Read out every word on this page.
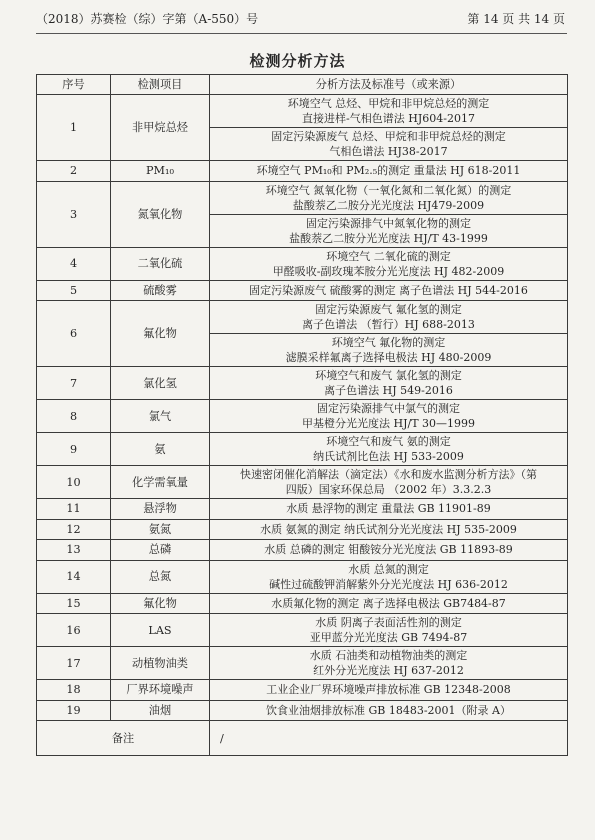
（2018）苏赛检（综）字第（A-550）号	第 14 页 共 14 页
检测分析方法
序号	检测项目	分析方法及标准号（或来源）
1	非甲烷总烃	环境空气 总烃、甲烷和非甲烷总烃的测定
直接进样-气相色谱法 HJ604-2017

		固定污染源废气 总烃、甲烷和非甲烷总烃的测定
气相色谱法 HJ38-2017

2	PM₁₀	环境空气 PM₁₀和 PM₂.₅的测定 重量法 HJ 618-2011

3	氮氧化物	环境空气 氮氧化物（一氧化氮和二氧化氮）的测定
盐酸萘乙二胺分光光度法 HJ479-2009

		固定污染源排气中氮氧化物的测定
盐酸萘乙二胺分光光度法 HJ/T 43-1999

4	二氧化硫	环境空气 二氧化硫的测定
甲醛吸收-副玫瑰苯胺分光光度法 HJ 482-2009

5	硫酸雾	固定污染源废气 硫酸雾的测定 离子色谱法 HJ 544-2016

6	氟化物	固定污染源废气 氟化氢的测定
离子色谱法 （暂行）HJ 688-2013

		环境空气 氟化物的测定
滤膜采样氟离子选择电极法 HJ 480-2009

7	氯化氢	环境空气和废气 氯化氢的测定
离子色谱法 HJ 549-2016

8	氯气	固定污染源排气中氯气的测定
甲基橙分光光度法 HJ/T 30—1999

9	氨	环境空气和废气 氨的测定
纳氏试剂比色法 HJ 533-2009

10	化学需氧量	快速密闭催化消解法（滴定法）《水和废水监测分析方法》（第
四版）国家环保总局 （2002 年）3.3.2.3

11	悬浮物	水质 悬浮物的测定 重量法 GB 11901-89

12	氨氮	水质 氨氮的测定 纳氏试剂分光光度法 HJ 535-2009

13	总磷	水质 总磷的测定 钼酸铵分光光度法 GB 11893-89

14	总氮	水质 总氮的测定
碱性过硫酸钾消解紫外分光光度法 HJ 636-2012

15	氟化物	水质氟化物的测定 离子选择电极法 GB7484-87

16	LAS	水质 阴离子表面活性剂的测定
亚甲蓝分光光度法 GB 7494-87

17	动植物油类	水质 石油类和动植物油类的测定
红外分光光度法 HJ 637-2012

18	厂界环境噪声	工业企业厂界环境噪声排放标准 GB 12348-2008

19	油烟	饮食业油烟排放标准 GB 18483-2001（附录 A）

备注		/
